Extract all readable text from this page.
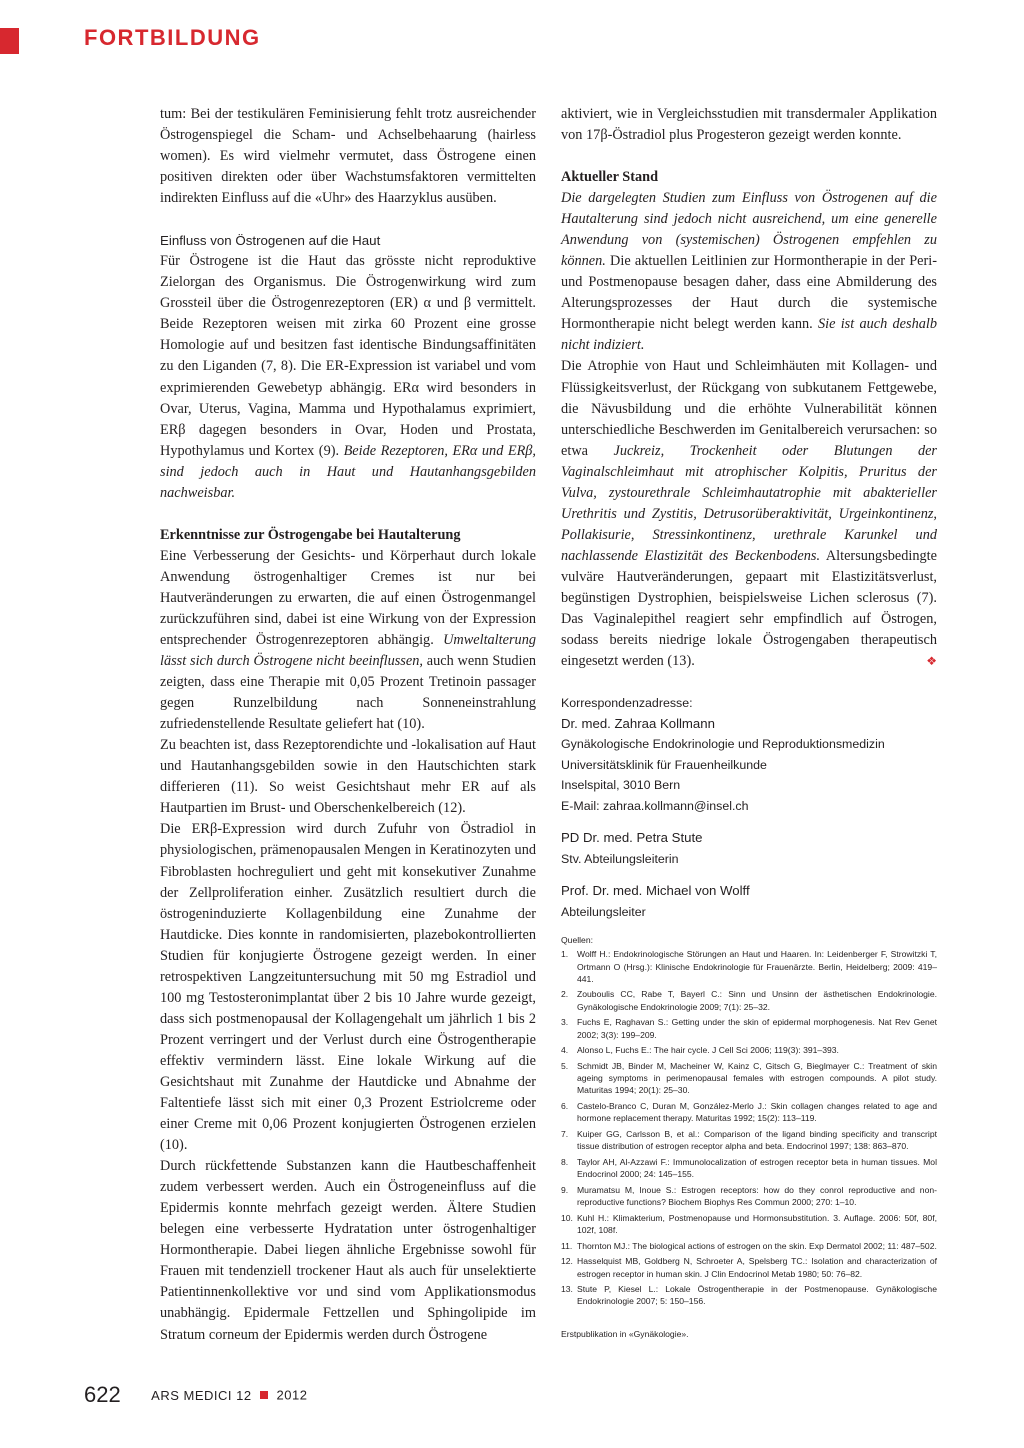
FORTBILDUNG

tum: Bei der testikulären Feminisierung fehlt trotz ausreichender Östrogenspiegel die Scham- und Achselbehaarung (hairless women). Es wird vielmehr vermutet, dass Östrogene einen positiven direkten oder über Wachstumsfaktoren vermittelten indirekten Einfluss auf die «Uhr» des Haarzyklus ausüben.

Einfluss von Östrogenen auf die Haut

Für Östrogene ist die Haut das grösste nicht reproduktive Zielorgan des Organismus. Die Östrogenwirkung wird zum Grossteil über die Östrogenrezeptoren (ER) α und β vermittelt. Beide Rezeptoren weisen mit zirka 60 Prozent eine grosse Homologie auf und besitzen fast identische Bindungsaffinitäten zu den Liganden (7, 8). Die ER-Expression ist variabel und vom exprimierenden Gewebetyp abhängig. ERα wird besonders in Ovar, Uterus, Vagina, Mamma und Hypothalamus exprimiert, ERβ dagegen besonders in Ovar, Hoden und Prostata, Hypothylamus und Kortex (9). Beide Rezeptoren, ERα und ERβ, sind jedoch auch in Haut und Hautanhangsgebilden nachweisbar.

Erkenntnisse zur Östrogengabe bei Hautalterung

Eine Verbesserung der Gesichts- und Körperhaut durch lokale Anwendung östrogenhaltiger Cremes ist nur bei Hautveränderungen zu erwarten, die auf einen Östrogenmangel zurückzuführen sind, dabei ist eine Wirkung von der Expression entsprechender Östrogenrezeptoren abhängig. Umweltalterung lässt sich durch Östrogene nicht beeinflussen, auch wenn Studien zeigten, dass eine Therapie mit 0,05 Prozent Tretinoin passager gegen Runzelbildung nach Sonneneinstrahlung zufriedenstellende Resultate geliefert hat (10).

Zu beachten ist, dass Rezeptorendichte und -lokalisation auf Haut und Hautanhangsgebilden sowie in den Hautschichten stark differieren (11). So weist Gesichtshaut mehr ER auf als Hautpartien im Brust- und Oberschenkelbereich (12).

Die ERβ-Expression wird durch Zufuhr von Östradiol in physiologischen, prämenopausalen Mengen in Keratinozyten und Fibroblasten hochreguliert und geht mit konsekutiver Zunahme der Zellproliferation einher. Zusätzlich resultiert durch die östrogeninduzierte Kollagenbildung eine Zunahme der Hautdicke. Dies konnte in randomisierten, plazebokontrollierten Studien für konjugierte Östrogene gezeigt werden. In einer retrospektiven Langzeituntersuchung mit 50 mg Estradiol und 100 mg Testosteronimplantat über 2 bis 10 Jahre wurde gezeigt, dass sich postmenopausal der Kollagengehalt um jährlich 1 bis 2 Prozent verringert und der Verlust durch eine Östrogentherapie effektiv vermindern lässt. Eine lokale Wirkung auf die Gesichtshaut mit Zunahme der Hautdicke und Abnahme der Faltentiefe lässt sich mit einer 0,3 Prozent Estriolcreme oder einer Creme mit 0,06 Prozent konjugierten Östrogenen erzielen (10).

Durch rückfettende Substanzen kann die Hautbeschaffenheit zudem verbessert werden. Auch ein Östrogeneinfluss auf die Epidermis konnte mehrfach gezeigt werden. Ältere Studien belegen eine verbesserte Hydratation unter östrogenhaltiger Hormontherapie. Dabei liegen ähnliche Ergebnisse sowohl für Frauen mit tendenziell trockener Haut als auch für unselektierte Patientinnenkollektive vor und sind vom Applikationsmodus unabhängig. Epidermale Fettzellen und Sphingolipide im Stratum corneum der Epidermis werden durch Östrogene

aktiviert, wie in Vergleichsstudien mit transdermaler Applikation von 17β-Östradiol plus Progesteron gezeigt werden konnte.

Aktueller Stand

Die dargelegten Studien zum Einfluss von Östrogenen auf die Hautalterung sind jedoch nicht ausreichend, um eine generelle Anwendung von (systemischen) Östrogenen empfehlen zu können. Die aktuellen Leitlinien zur Hormontherapie in der Peri- und Postmenopause besagen daher, dass eine Abmilderung des Alterungsprozesses der Haut durch die systemische Hormontherapie nicht belegt werden kann. Sie ist auch deshalb nicht indiziert.

Die Atrophie von Haut und Schleimhäuten mit Kollagen- und Flüssigkeitsverlust, der Rückgang von subkutanem Fettgewebe, die Nävusbildung und die erhöhte Vulnerabilität können unterschiedliche Beschwerden im Genitalbereich verursachen: so etwa Juckreiz, Trockenheit oder Blutungen der Vaginalschleimhaut mit atrophischer Kolpitis, Pruritus der Vulva, zystourethrale Schleimhautatrophie mit abakterieller Urethritis und Zystitis, Detrusorüberaktivität, Urgeinkontinenz, Pollakisurie, Stressinkontinenz, urethrale Karunkel und nachlassende Elastizität des Beckenbodens. Altersungsbedingte vulväre Hautveränderungen, gepaart mit Elastizitätsverlust, begünstigen Dystrophien, beispielsweise Lichen sclerosus (7). Das Vaginalepithel reagiert sehr empfindlich auf Östrogen, sodass bereits niedrige lokale Östrogengaben therapeutisch eingesetzt werden (13).	❖

Korrespondenzadresse:
Dr. med. Zahraa Kollmann
Gynäkologische Endokrinologie und Reproduktionsmedizin
Universitätsklinik für Frauenheilkunde
Inselspital, 3010 Bern
E-Mail: zahraa.kollmann@insel.ch
PD Dr. med. Petra Stute
Stv. Abteilungsleiterin
Prof. Dr. med. Michael von Wolff
Abteilungsleiter
Quellen:
1. Wolff H.: Endokrinologische Störungen an Haut und Haaren. In: Leidenberger F, Strowitzki T, Ortmann O (Hrsg.): Klinische Endokrinologie für Frauenärzte. Berlin, Heidelberg; 2009: 419–441.
2. Zouboulis CC, Rabe T, Bayerl C.: Sinn und Unsinn der ästhetischen Endokrinologie. Gynäkologische Endokrinologie 2009; 7(1): 25–32.
3. Fuchs E, Raghavan S.: Getting under the skin of epidermal morphogenesis. Nat Rev Genet 2002; 3(3): 199–209.
4. Alonso L, Fuchs E.: The hair cycle. J Cell Sci 2006; 119(3): 391–393.
5. Schmidt JB, Binder M, Macheiner W, Kainz C, Gitsch G, Bieglmayer C.: Treatment of skin ageing symptoms in perimenopausal females with estrogen compounds. A pilot study. Maturitas 1994; 20(1): 25–30.
6. Castelo-Branco C, Duran M, González-Merlo J.: Skin collagen changes related to age and hormone replacement therapy. Maturitas 1992; 15(2): 113–119.
7. Kuiper GG, Carlsson B, et al.: Comparison of the ligand binding specificity and transcript tissue distribution of estrogen receptor alpha and beta. Endocrinol 1997; 138: 863–870.
8. Taylor AH, Al-Azzawi F.: Immunolocalization of estrogen receptor beta in human tissues. Mol Endocrinol 2000; 24: 145–155.
9. Muramatsu M, Inoue S.: Estrogen receptors: how do they conrol reproductive and non-reproductive functions? Biochem Biophys Res Commun 2000; 270: 1–10.
10. Kuhl H.: Klimakterium, Postmenopause und Hormonsubstitution. 3. Auflage. 2006: 50f, 80f, 102f, 108f.
11. Thornton MJ.: The biological actions of estrogen on the skin. Exp Dermatol 2002; 11: 487–502.
12. Hasselquist MB, Goldberg N, Schroeter A, Spelsberg TC.: Isolation and characterization of estrogen receptor in human skin. J Clin Endocrinol Metab 1980; 50: 76–82.
13. Stute P, Kiesel L.: Lokale Östrogentherapie in der Postmenopause. Gynäkologische Endokrinologie 2007; 5: 150–156.
Erstpublikation in «Gynäkologie».
622 ARS MEDICI 12 2012
